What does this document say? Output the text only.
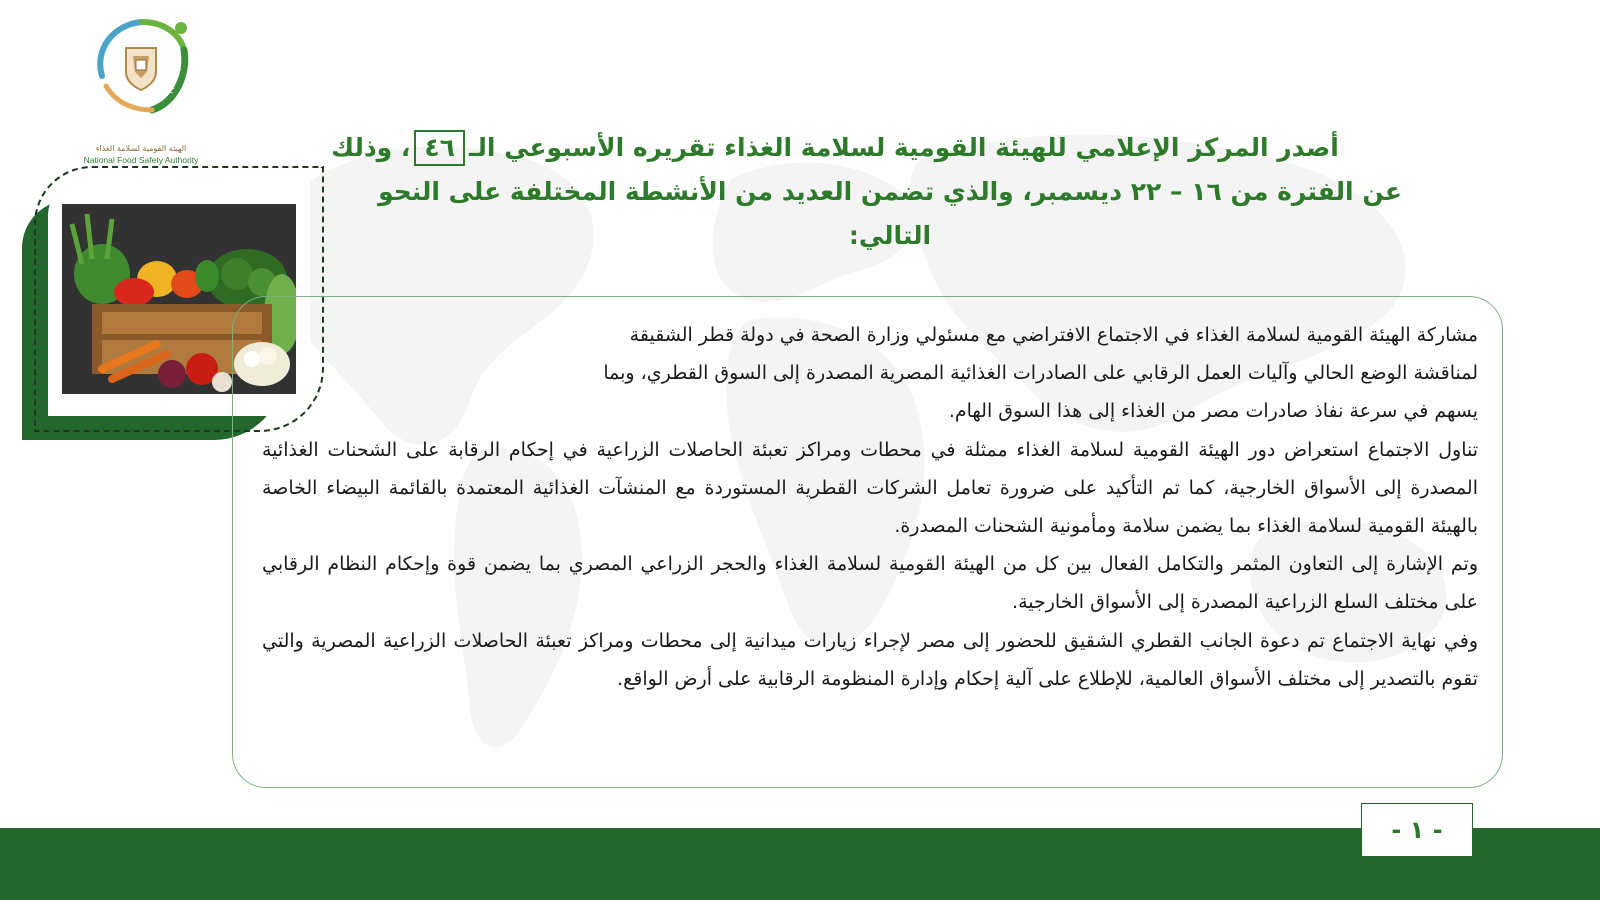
NFSA
الهيئة القومية لسلامة الغذاء
National Food Safety Authority	أصدر المركز الإعلامي للهيئة القومية لسلامة الغذاء تقريره الأسبوعي الـ٤٦، وذلك
عن الفترة من ١٦ – ٢٢ ديسمبر، والذي تضمن العديد من الأنشطة المختلفة على النحو التالي:

مشاركة الهيئة القومية لسلامة الغذاء في الاجتماع الافتراضي مع مسئولي وزارة الصحة في دولة قطر الشقيقة
لمناقشة الوضع الحالي وآليات العمل الرقابي على الصادرات الغذائية المصرية المصدرة إلى السوق القطري، وبما
يسهم في سرعة نفاذ صادرات مصر من الغذاء إلى هذا السوق الهام.

تناول الاجتماع استعراض دور الهيئة القومية لسلامة الغذاء ممثلة في محطات ومراكز تعبئة الحاصلات الزراعية في إحكام الرقابة على الشحنات الغذائية المصدرة إلى الأسواق الخارجية، كما تم التأكيد على ضرورة تعامل الشركات القطرية المستوردة مع المنشآت الغذائية المعتمدة بالقائمة البيضاء الخاصة بالهيئة القومية لسلامة الغذاء بما يضمن سلامة ومأمونية الشحنات المصدرة.

وتم الإشارة إلى التعاون المثمر والتكامل الفعال بين كل من الهيئة القومية لسلامة الغذاء والحجر الزراعي المصري بما يضمن قوة وإحكام النظام الرقابي على مختلف السلع الزراعية المصدرة إلى الأسواق الخارجية.

وفي نهاية الاجتماع تم دعوة الجانب القطري الشقيق للحضور إلى مصر لإجراء زيارات ميدانية إلى محطات ومراكز تعبئة الحاصلات الزراعية المصرية والتي تقوم بالتصدير إلى مختلف الأسواق العالمية، للإطلاع على آلية إحكام وإدارة المنظومة الرقابية على أرض الواقع.

- ١ -
